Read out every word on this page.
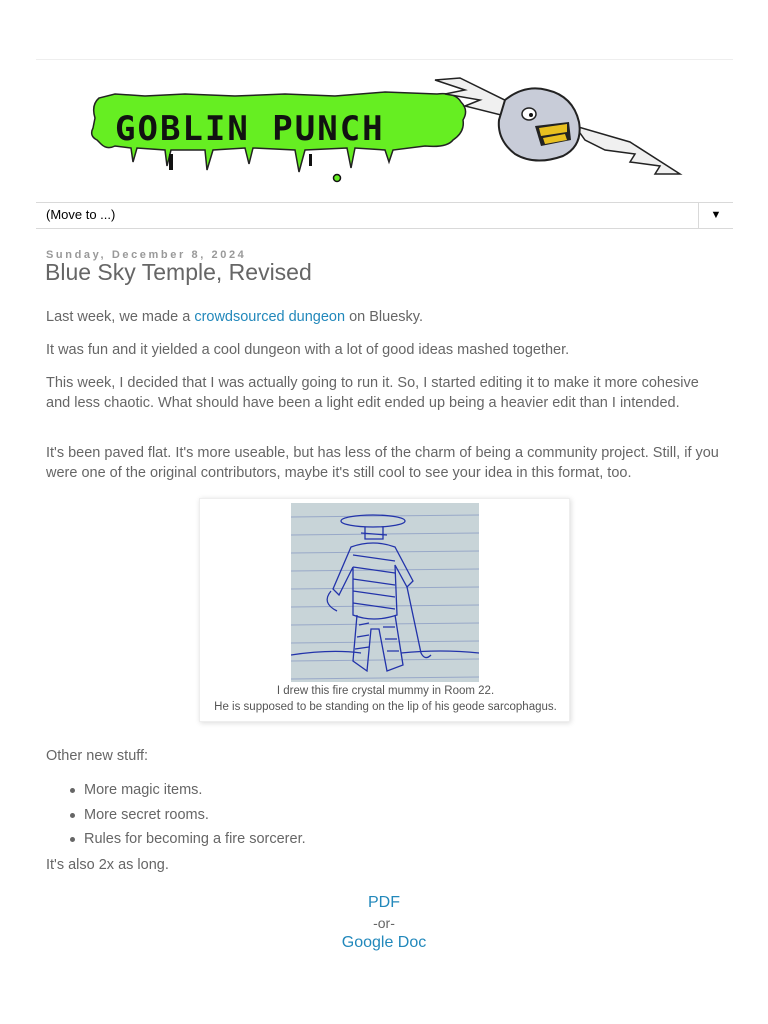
GOBLIN PUNCH
(Move to ...)	▼
Sunday, December 8, 2024
Blue Sky Temple, Revised

Last week, we made a crowdsourced dungeon on Bluesky.

It was fun and it yielded a cool dungeon with a lot of good ideas mashed together.

This week, I decided that I was actually going to run it. So, I started editing it to make it more cohesive and less chaotic. What should have been a light edit ended up being a heavier edit than I intended.

It's been paved flat. It's more useable, but has less of the charm of being a community project. Still, if you were one of the original contributors, maybe it's still cool to see your idea in this format, too.

I drew this fire crystal mummy in Room 22.
He is supposed to be standing on the lip of his geode sarcophagus.

Other new stuff:

More magic items.
More secret rooms.
Rules for becoming a fire sorcerer.

It's also 2x as long.

PDF
-or-
Google Doc
